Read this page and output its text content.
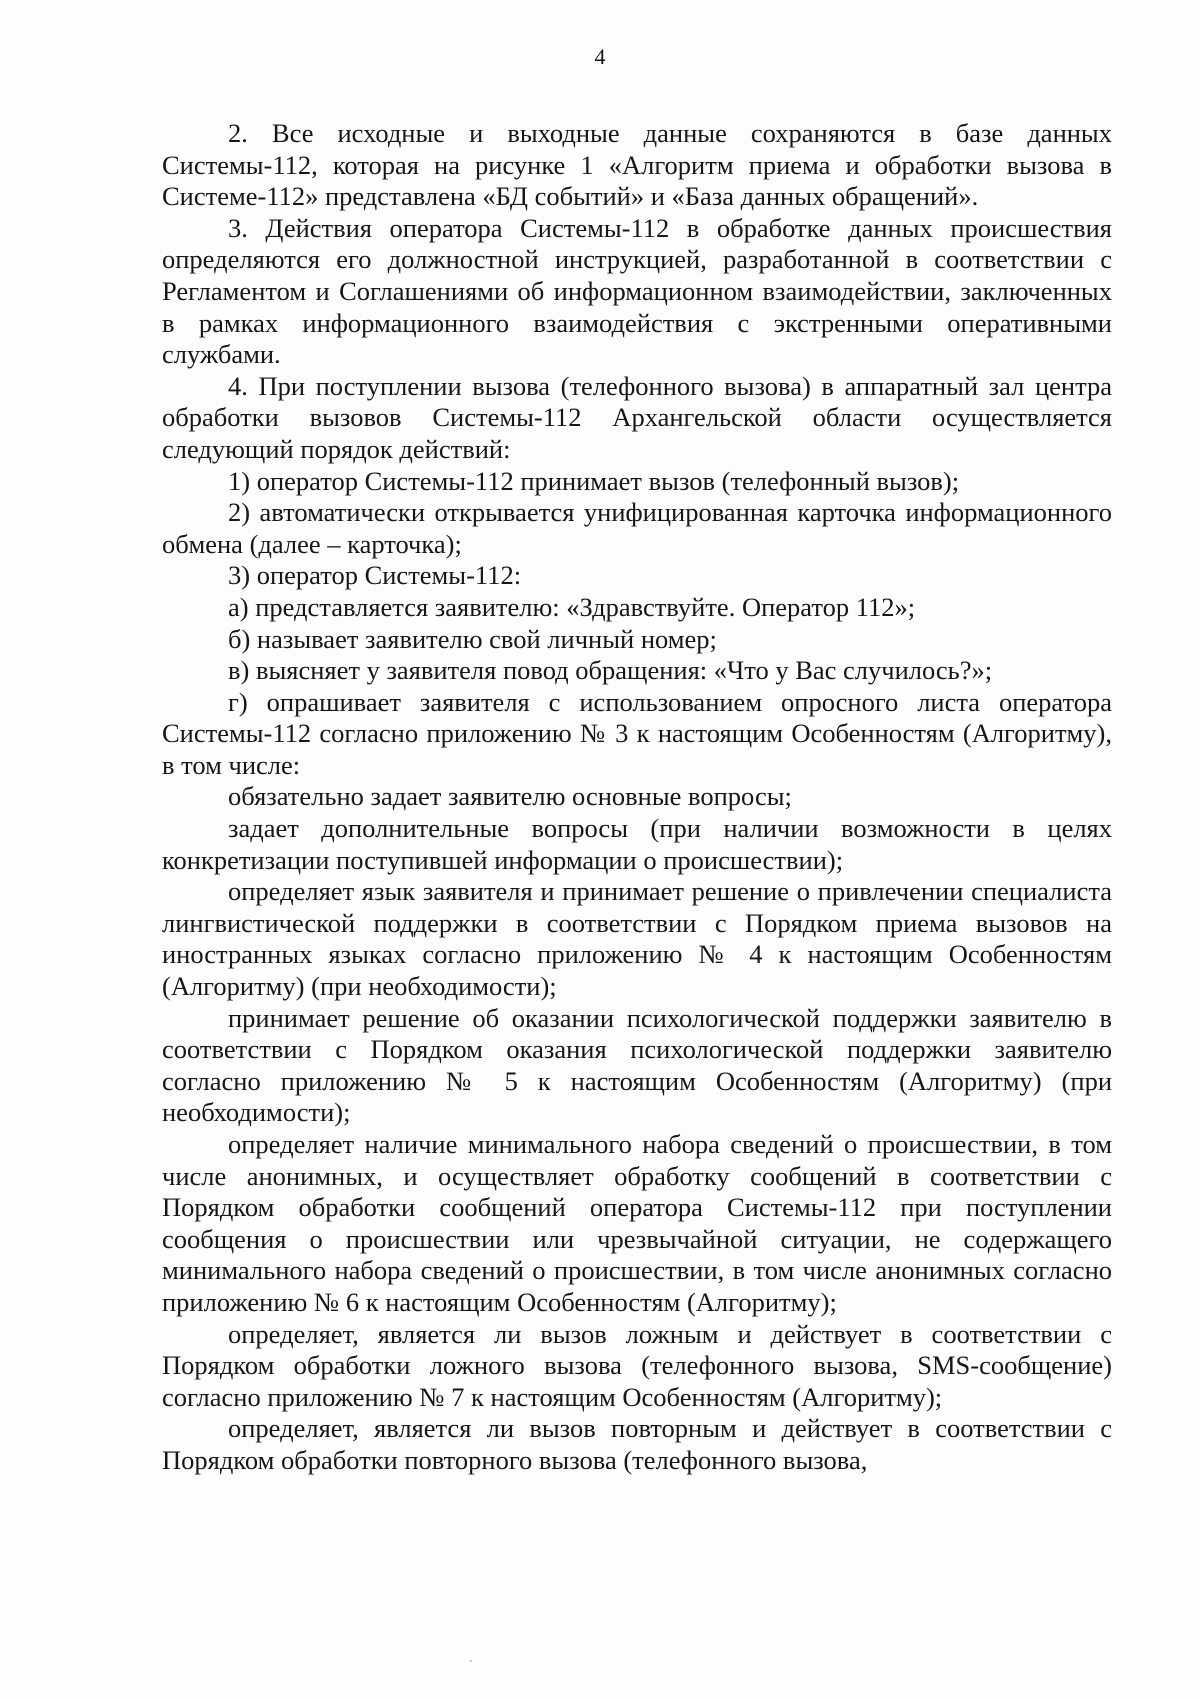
4

2. Все исходные и выходные данные сохраняются в базе данных Системы-112, которая на рисунке 1 «Алгоритм приема и обработки вызова в Системе-112» представлена «БД событий» и «База данных обращений».

3. Действия оператора Системы-112 в обработке данных происшествия определяются его должностной инструкцией, разработанной в соответствии с Регламентом и Соглашениями об информационном взаимодействии, заключенных в рамках информационного взаимодействия с экстренными оперативными службами.

4. При поступлении вызова (телефонного вызова) в аппаратный зал центра обработки вызовов Системы-112 Архангельской области осуществляется следующий порядок действий:

1) оператор Системы-112 принимает вызов (телефонный вызов);

2) автоматически открывается унифицированная карточка информационного обмена (далее – карточка);

3) оператор Системы-112:

а) представляется заявителю: «Здравствуйте. Оператор 112»;

б) называет заявителю свой личный номер;

в) выясняет у заявителя повод обращения: «Что у Вас случилось?»;

г) опрашивает заявителя с использованием опросного листа оператора Системы-112 согласно приложению № 3 к настоящим Особенностям (Алгоритму), в том числе:

обязательно задает заявителю основные вопросы;

задает дополнительные вопросы (при наличии возможности в целях конкретизации поступившей информации о происшествии);

определяет язык заявителя и принимает решение о привлечении специалиста лингвистической поддержки в соответствии с Порядком приема вызовов на иностранных языках согласно приложению № 4 к настоящим Особенностям (Алгоритму) (при необходимости);

принимает решение об оказании психологической поддержки заявителю в соответствии с Порядком оказания психологической поддержки заявителю согласно приложению № 5 к настоящим Особенностям (Алгоритму) (при необходимости);

определяет наличие минимального набора сведений о происшествии, в том числе анонимных, и осуществляет обработку сообщений в соответствии с Порядком обработки сообщений оператора Системы-112 при поступлении сообщения о происшествии или чрезвычайной ситуации, не содержащего минимального набора сведений о происшествии, в том числе анонимных согласно приложению № 6 к настоящим Особенностям (Алгоритму);

определяет, является ли вызов ложным и действует в соответствии с Порядком обработки ложного вызова (телефонного вызова, SMS-сообщение) согласно приложению № 7 к настоящим Особенностям (Алгоритму);

определяет, является ли вызов повторным и действует в соответствии с Порядком обработки повторного вызова (телефонного вызова,
